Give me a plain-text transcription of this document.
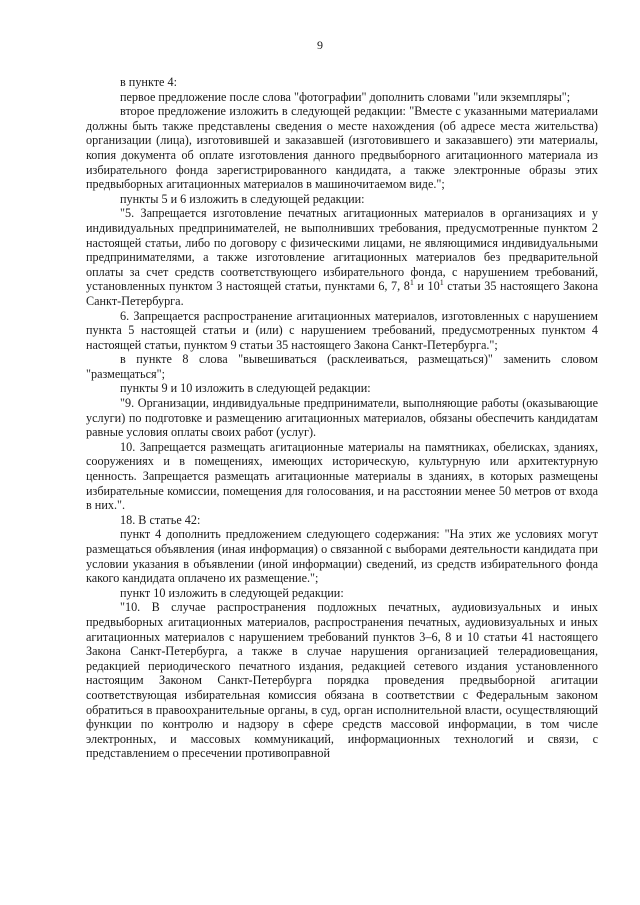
9

в пункте 4:

первое предложение после слова "фотографии" дополнить словами "или экземпляры";

второе предложение изложить в следующей редакции: "Вместе с указанными материалами должны быть также представлены сведения о месте нахождения (об адресе места жительства) организации (лица), изготовившей и заказавшей (изготовившего и заказавшего) эти материалы, копия документа об оплате изготовления данного предвыборного агитационного материала из избирательного фонда зарегистрированного кандидата, а также электронные образы этих предвыборных агитационных материалов в машиночитаемом виде.";

пункты 5 и 6 изложить в следующей редакции:

"5. Запрещается изготовление печатных агитационных материалов в организациях и у индивидуальных предпринимателей, не выполнивших требования, предусмотренные пунктом 2 настоящей статьи, либо по договору с физическими лицами, не являющимися индивидуальными предпринимателями, а также изготовление агитационных материалов без предварительной оплаты за счет средств соответствующего избирательного фонда, с нарушением требований, установленных пунктом 3 настоящей статьи, пунктами 6, 7, $8^1$ и $10^1$ статьи 35 настоящего Закона Санкт-Петербурга.

6. Запрещается распространение агитационных материалов, изготовленных с нарушением пункта 5 настоящей статьи и (или) с нарушением требований, предусмотренных пунктом 4 настоящей статьи, пунктом 9 статьи 35 настоящего Закона Санкт-Петербурга.";

в пункте 8 слова "вывешиваться (расклеиваться, размещаться)" заменить словом "размещаться";

пункты 9 и 10 изложить в следующей редакции:

"9. Организации, индивидуальные предприниматели, выполняющие работы (оказывающие услуги) по подготовке и размещению агитационных материалов, обязаны обеспечить кандидатам равные условия оплаты своих работ (услуг).

10. Запрещается размещать агитационные материалы на памятниках, обелисках, зданиях, сооружениях и в помещениях, имеющих историческую, культурную или архитектурную ценность. Запрещается размещать агитационные материалы в зданиях, в которых размещены избирательные комиссии, помещения для голосования, и на расстоянии менее 50 метров от входа в них.".

18. В статье 42:

пункт 4 дополнить предложением следующего содержания: "На этих же условиях могут размещаться объявления (иная информация) о связанной с выборами деятельности кандидата при условии указания в объявлении (иной информации) сведений, из средств избирательного фонда какого кандидата оплачено их размещение.";

пункт 10 изложить в следующей редакции:

"10. В случае распространения подложных печатных, аудиовизуальных и иных предвыборных агитационных материалов, распространения печатных, аудиовизуальных и иных агитационных материалов с нарушением требований пунктов 3–6, 8 и 10 статьи 41 настоящего Закона Санкт-Петербурга, а также в случае нарушения организацией телерадиовещания, редакцией периодического печатного издания, редакцией сетевого издания установленного настоящим Законом Санкт-Петербурга порядка проведения предвыборной агитации соответствующая избирательная комиссия обязана в соответствии с Федеральным законом обратиться в правоохранительные органы, в суд, орган исполнительной власти, осуществляющий функции по контролю и надзору в сфере средств массовой информации, в том числе электронных, и массовых коммуникаций, информационных технологий и связи, с представлением о пресечении противоправной
